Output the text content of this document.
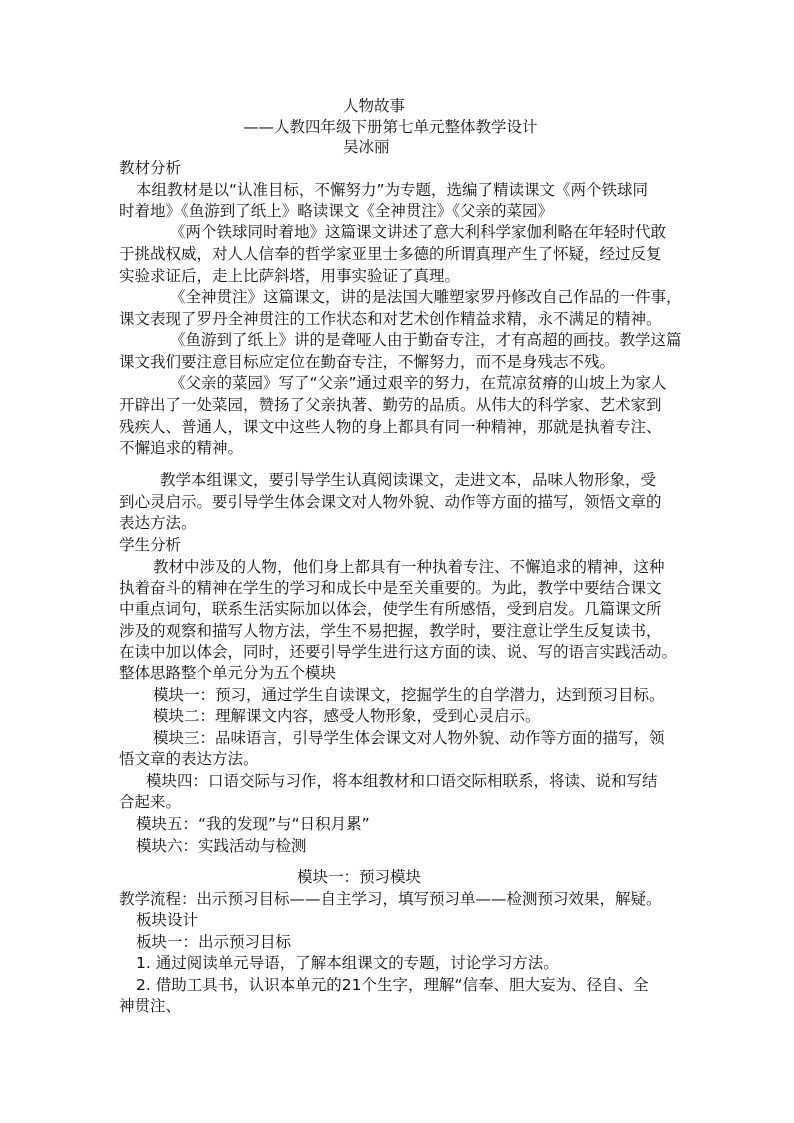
人物故事
——人教四年级下册第七单元整体教学设计
吴冰丽
教材分析
本组教材是以“认准目标，不懈努力”为专题，选编了精读课文《两个铁球同
时着地》《鱼游到了纸上》略读课文《全神贯注》《父亲的菜园》
《两个铁球同时着地》这篇课文讲述了意大利科学家伽利略在年轻时代敢
于挑战权威，对人人信奉的哲学家亚里士多德的所谓真理产生了怀疑，经过反复
实验求证后，走上比萨斜塔，用事实验证了真理。
《全神贯注》这篇课文，讲的是法国大雕塑家罗丹修改自己作品的一件事，
课文表现了罗丹全神贯注的工作状态和对艺术创作精益求精，永不满足的精神。
《鱼游到了纸上》讲的是聋哑人由于勤奋专注，才有高超的画技。教学这篇
课文我们要注意目标应定位在勤奋专注，不懈努力，而不是身残志不残。
《父亲的菜园》写了“父亲”通过艰辛的努力，在荒凉贫瘠的山坡上为家人
开辟出了一处菜园，赞扬了父亲执著、勤劳的品质。从伟大的科学家、艺术家到
残疾人、普通人，课文中这些人物的身上都具有同一种精神，那就是执着专注、
不懈追求的精神。
教学本组课文，要引导学生认真阅读课文，走进文本，品味人物形象，受
到心灵启示。要引导学生体会课文对人物外貌、动作等方面的描写，领悟文章的
表达方法。
学生分析
教材中涉及的人物，他们身上都具有一种执着专注、不懈追求的精神，这种
执着奋斗的精神在学生的学习和成长中是至关重要的。为此，教学中要结合课文
中重点词句，联系生活实际加以体会，使学生有所感悟，受到启发。几篇课文所
涉及的观察和描写人物方法，学生不易把握，教学时，要注意让学生反复读书，
在读中加以体会，同时，还要引导学生进行这方面的读、说、写的语言实践活动。
整体思路整个单元分为五个模块
模块一：预习，通过学生自读课文，挖掘学生的自学潜力，达到预习目标。
模块二：理解课文内容，感受人物形象，受到心灵启示。
模块三：品味语言，引导学生体会课文对人物外貌、动作等方面的描写，领
悟文章的表达方法。
模块四：口语交际与习作，将本组教材和口语交际相联系，将读、说和写结
合起来。
模块五：“我的发现”与“日积月累”
模块六：实践活动与检测
模块一：预习模块
教学流程：出示预习目标——自主学习，填写预习单——检测预习效果，解疑。
板块设计
板块一：出示预习目标
1. 通过阅读单元导语，了解本组课文的专题，讨论学习方法。
2. 借助工具书，认识本单元的21个生字，理解“信奉、胆大妄为、径自、全
神贯注、
